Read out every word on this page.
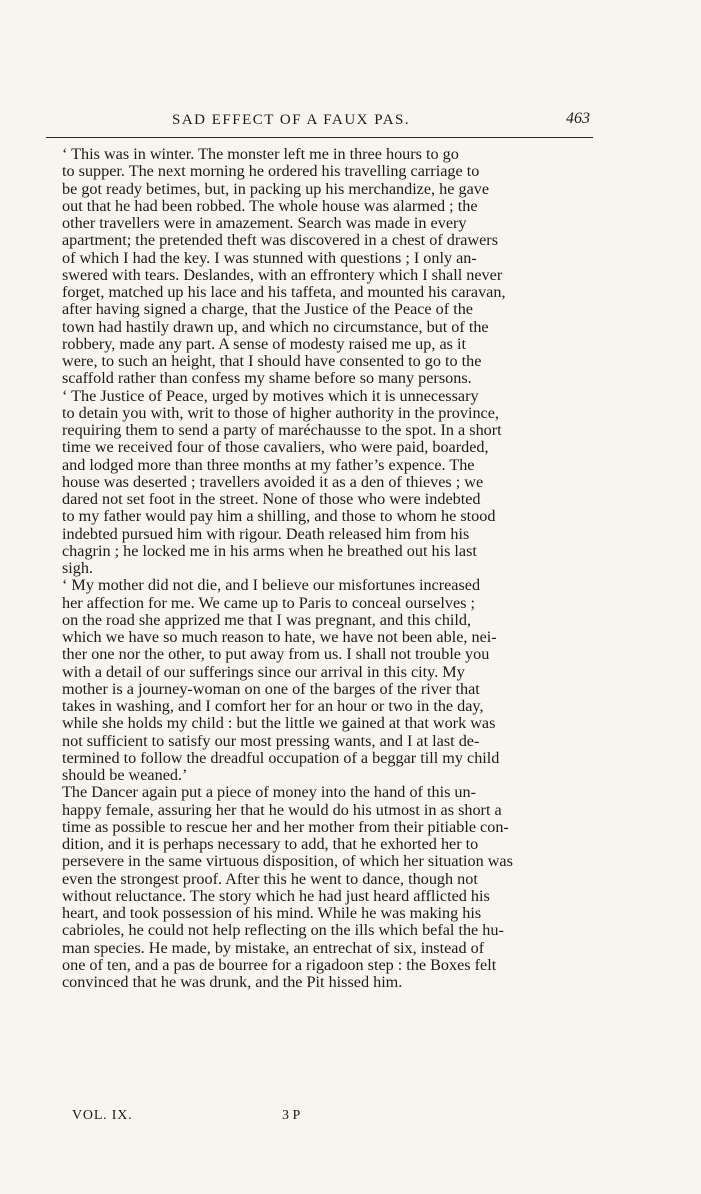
SAD EFFECT OF A FAUX PAS.	463

‘ This was in winter. The monster left me in three hours to go
to supper. The next morning he ordered his travelling carriage to
be got ready betimes, but, in packing up his merchandize, he gave
out that he had been robbed. The whole house was alarmed ; the
other travellers were in amazement. Search was made in every
apartment; the pretended theft was discovered in a chest of drawers
of which I had the key. I was stunned with questions ; I only an-
swered with tears. Deslandes, with an effrontery which I shall never
forget, matched up his lace and his taffeta, and mounted his caravan,
after having signed a charge, that the Justice of the Peace of the
town had hastily drawn up, and which no circumstance, but of the
robbery, made any part. A sense of modesty raised me up, as it
were, to such an height, that I should have consented to go to the
scaffold rather than confess my shame before so many persons.

‘ The Justice of Peace, urged by motives which it is unnecessary
to detain you with, writ to those of higher authority in the province,
requiring them to send a party of maréchausse to the spot. In a short
time we received four of those cavaliers, who were paid, boarded,
and lodged more than three months at my father’s expence. The
house was deserted ; travellers avoided it as a den of thieves ; we
dared not set foot in the street. None of those who were indebted
to my father would pay him a shilling, and those to whom he stood
indebted pursued him with rigour. Death released him from his
chagrin ; he locked me in his arms when he breathed out his last
sigh.

‘ My mother did not die, and I believe our misfortunes increased
her affection for me. We came up to Paris to conceal ourselves ;
on the road she apprized me that I was pregnant, and this child,
which we have so much reason to hate, we have not been able, nei-
ther one nor the other, to put away from us. I shall not trouble you
with a detail of our sufferings since our arrival in this city. My
mother is a journey-woman on one of the barges of the river that
takes in washing, and I comfort her for an hour or two in the day,
while she holds my child : but the little we gained at that work was
not sufficient to satisfy our most pressing wants, and I at last de-
termined to follow the dreadful occupation of a beggar till my child
should be weaned.’

The Dancer again put a piece of money into the hand of this un-
happy female, assuring her that he would do his utmost in as short a
time as possible to rescue her and her mother from their pitiable con-
dition, and it is perhaps necessary to add, that he exhorted her to
persevere in the same virtuous disposition, of which her situation was
even the strongest proof. After this he went to dance, though not
without reluctance. The story which he had just heard afflicted his
heart, and took possession of his mind. While he was making his
cabrioles, he could not help reflecting on the ills which befal the hu-
man species. He made, by mistake, an entrechat of six, instead of
one of ten, and a pas de bourree for a rigadoon step : the Boxes felt
convinced that he was drunk, and the Pit hissed him.

VOL. IX.	3 P
